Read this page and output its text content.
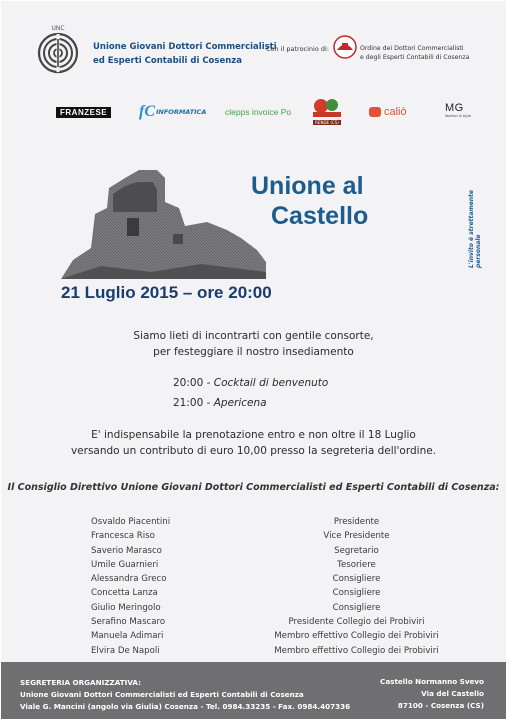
UNC
Unione Giovani Dottori Commercialisti
ed Esperti Contabili di Cosenza
Con il patrocinio di:	Ordine dei Dottori Commercialisti
e degli Esperti Contabili di Cosenza
FRANZESE fC INFORMATICA clepps invoice Po
RENDE (CS)
caliò	MG
fashion & style
Unione al
Castello
21 Luglio 2015 – ore 20:00
L'invito è strettamente personale
Siamo lieti di incontrarti con gentile consorte,
per festeggiare il nostro insediamento
20:00 - Cocktail di benvenuto
21:00 - Apericena
E' indispensabile la prenotazione entro e non oltre il 18 Luglio
versando un contributo di euro 10,00 presso la segreteria dell'ordine.
Il Consiglio Direttivo Unione Giovani Dottori Commercialisti ed Esperti Contabili di Cosenza:
Osvaldo Piacentini	Presidente
Francesca Riso	Vice Presidente
Saverio Marasco	Segretario
Umile Guarnieri	Tesoriere
Alessandra Greco	Consigliere
Concetta Lanza	Consigliere
Giulio Meringolo	Consigliere
Serafino Mascaro	Presidente Collegio dei Probiviri
Manuela Adimari	Membro effettivo Collegio dei Probiviri
Elvira De Napoli	Membro effettivo Collegio dei Probiviri
SEGRETERIA ORGANIZZATIVA:
Unione Giovani Dottori Commercialisti ed Esperti Contabili di Cosenza
Viale G. Mancini (angolo via Giulia) Cosenza - Tel. 0984.33235 - Fax. 0984.407336
Castello Normanno Svevo
Via del Castello
87100 - Cosenza (CS)
